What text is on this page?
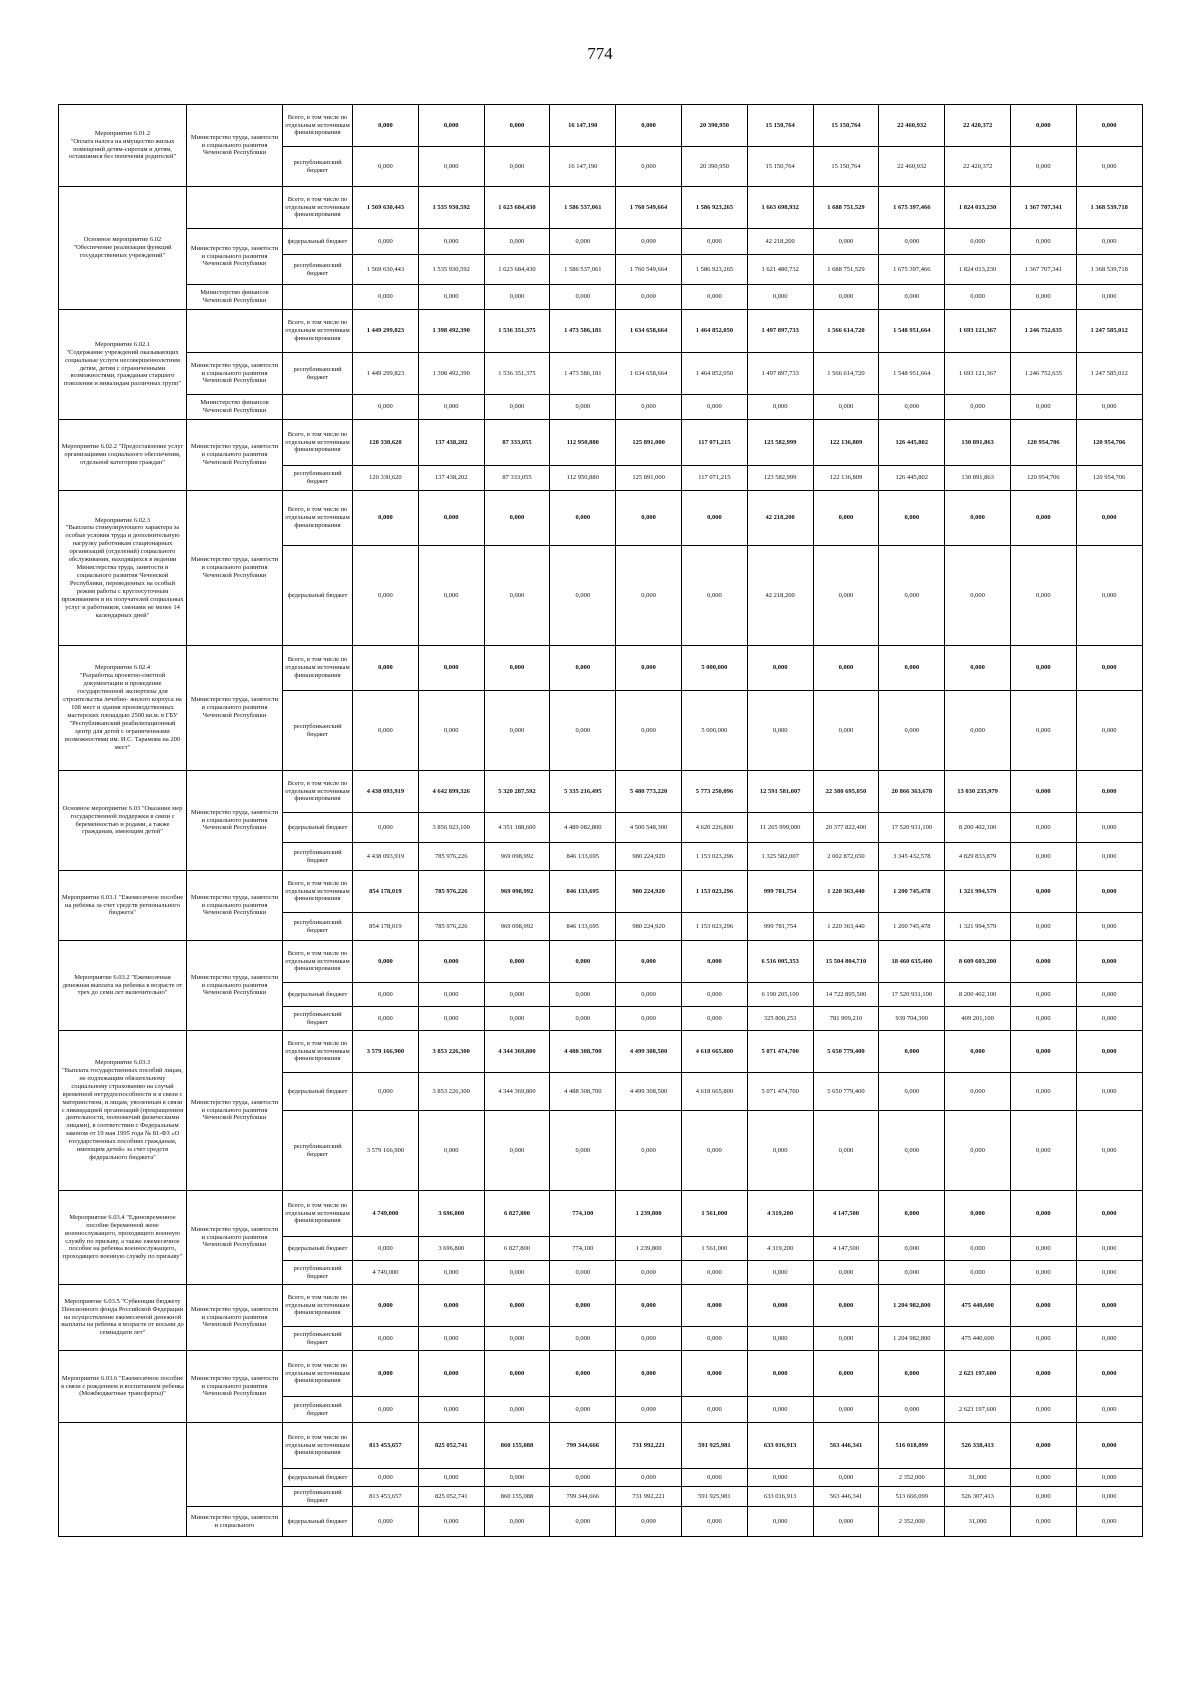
774
Мероприятие 6.01.2
"Оплата налога на имущество жилых помещений детям-сиротам и детям, оставшимся без попечения родителей"	Министерство труда, занятости и социального развития Чеченской Республики	Всего, в том числе по отдельным источникам финансирования	0,000	0,000	0,000	16 147,190	0,000	20 390,950	15 150,764	15 150,764	22 460,932	22 420,372	0,000	0,000
		республиканский бюджет	0,000	0,000	0,000	16 147,190	0,000	20 390,950	15 150,764	15 150,764	22 460,932	22 420,372	0,000	0,000
Основное мероприятие 6.02
"Обеспечение реализации функций государственных учреждений"		Всего, в том числе по отдельным источникам финансирования	1 569 630,443	1 535 930,592	1 623 684,430	1 586 537,061	1 760 549,664	1 586 923,265	1 663 698,932	1 688 751,529	1 675 397,466	1 824 013,230	1 367 707,341	1 368 539,718
	Министерство труда, занятости и социального развития Чеченской Республики	федеральный бюджет	0,000	0,000	0,000	0,000	0,000	0,000	42 218,200	0,000	0,000	0,000	0,000	0,000
		республиканский бюджет	1 569 630,443	1 535 930,592	1 623 684,430	1 586 537,061	1 760 549,664	1 586 923,265	1 621 480,732	1 688 751,529	1 675 397,466	1 824 013,230	1 367 707,341	1 368 539,718
	Министерство финансов Чеченской Республики		0,000	0,000	0,000	0,000	0,000	0,000	0,000	0,000	0,000	0,000	0,000	0,000
Мероприятие 6.02.1
"Содержание учреждений оказывающих социальные услуги несовершеннолетним детям, детям с ограниченными возможностями, гражданам старшего поколения и инвалидам различных групп"		Всего, в том числе по отдельным источникам финансирования	1 449 299,823	1 398 492,390	1 536 351,375	1 473 586,181	1 634 658,664	1 464 852,050	1 497 897,733	1 566 614,720	1 548 951,664	1 693 121,367	1 246 752,635	1 247 585,012
	Министерство труда, занятости и социального развития Чеченской Республики	республиканский бюджет	1 449 299,823	1 398 492,390	1 536 351,375	1 473 586,181	1 634 658,664	1 464 852,050	1 497 897,733	1 566 614,720	1 548 951,664	1 693 121,367	1 246 752,635	1 247 585,012
	Министерство финансов Чеченской Республики		0,000	0,000	0,000	0,000	0,000	0,000	0,000	0,000	0,000	0,000	0,000	0,000
Мероприятие 6.02.2 "Предоставление услуг организациями социального обеспечения, отдельной категории граждан"	Министерство труда, занятости и социального развития Чеченской Республики	Всего, в том числе по отдельным источникам финансирования	120 330,620	137 438,202	87 333,055	112 950,880	125 891,000	117 071,215	123 582,999	122 136,809	126 445,802	130 891,863	120 954,706	120 954,706
		республиканский бюджет	120 330,620	137 438,202	87 333,055	112 950,880	125 891,000	117 071,215	123 582,999	122 136,809	126 445,802	130 891,863	120 954,706	120 954,706
Мероприятие 6.02.3
"Выплаты стимулирующего характера за особые условия труда и дополнительную нагрузку работникам стационарных организаций (отделений) социального обслуживания, находящихся в ведении Министерства труда, занятости и социального развития Чеченской Республики, переведенных на особый режим работы с круглосуточным проживанием и их получателей социальных услуг и работников, сменами не менее 14 календарных дней"	Министерство труда, занятости и социального развития Чеченской Республики	Всего, в том числе по отдельным источникам финансирования	0,000	0,000	0,000	0,000	0,000	0,000	42 218,200	0,000	0,000	0,000	0,000	0,000
		федеральный бюджет	0,000	0,000	0,000	0,000	0,000	0,000	42 218,200	0,000	0,000	0,000	0,000	0,000
Мероприятие 6.02.4
"Разработка проектно-сметной документации и проведение государственной экспертизы для строительства лечебно- жилого корпуса на 108 мест и здания производственных мастерских площадью 2500 кв.м. в ГБУ "Республиканский реабилитационный центр для детей с ограниченными возможностями им. И.С. Тарамова на 200 мест"	Министерство труда, занятости и социального развития Чеченской Республики	Всего, в том числе по отдельным источникам финансирования	0,000	0,000	0,000	0,000	0,000	5 000,000	0,000	0,000	0,000	0,000	0,000	0,000
		республиканский бюджет	0,000	0,000	0,000	0,000	0,000	5 000,000	0,000	0,000	0,000	0,000	0,000	0,000
Основное мероприятие 6.03 "Оказание мер государственной поддержки в связи с беременностью и родами, а также гражданам, имеющим детей"	Министерство труда, занятости и социального развития Чеченской Республики	Всего, в том числе по отдельным источникам финансирования	4 438 093,919	4 642 899,326	5 320 287,592	5 335 216,495	5 480 773,220	5 773 250,096	12 591 581,007	22 380 695,050	20 866 363,678	13 030 235,979	0,000	0,000
		федеральный бюджет	0,000	3 856 923,100	4 351 188,600	4 489 082,800	4 500 548,300	4 620 226,800	11 265 999,000	20 377 822,400	17 520 931,100	8 200 402,100	0,000	0,000
		республиканский бюджет	4 438 093,919	785 976,226	969 098,992	846 133,695	980 224,920	1 153 023,296	1 325 582,007	2 002 872,650	3 345 432,578	4 829 833,879	0,000	0,000
Мероприятие 6.03.1 "Ежемесячное пособие на ребенка за счет средств регионального бюджета"	Министерство труда, занятости и социального развития Чеченской Республики	Всего, в том числе по отдельным источникам финансирования	854 178,019	785 976,226	969 098,992	846 133,695	980 224,920	1 153 023,296	999 781,754	1 220 363,440	1 200 745,478	1 321 994,579	0,000	0,000
		республиканский бюджет	854 178,019	785 976,226	969 098,992	846 133,695	980 224,920	1 153 023,296	999 781,754	1 220 363,440	1 200 745,478	1 321 994,579	0,000	0,000
Мероприятие 6.03.2 "Ежемесячная денежная выплата на ребенка в возрасте от трех до семи лет включительно"	Министерство труда, занятости и социального развития Чеченской Республики	Всего, в том числе по отдельным источникам финансирования	0,000	0,000	0,000	0,000	0,000	0,000	6 516 005,353	15 504 804,710	18 460 635,400	8 609 603,200	0,000	0,000
		федеральный бюджет	0,000	0,000	0,000	0,000	0,000	0,000	6 190 205,100	14 722 895,500	17 520 931,100	8 200 402,100	0,000	0,000
		республиканский бюджет	0,000	0,000	0,000	0,000	0,000	0,000	325 800,253	781 909,210	939 704,300	409 201,100	0,000	0,000
Мероприятие 6.03.3
"Выплата государственных пособий лицам, не подлежащим обязательному социальному страхованию на случай временной нетрудоспособности и в связи с материнством, и лицам, уволенным в связи с ликвидацией организаций (прекращением деятельности, полномочий физическими лицами), в соответствии с Федеральным законом от 19 мая 1995 года № 81-ФЗ «О государственных пособиях гражданам, имеющим детей» за счет средств федерального бюджета"	Министерство труда, занятости и социального развития Чеченской Республики	Всего, в том числе по отдельным источникам финансирования	3 579 166,900	3 853 226,300	4 344 369,800	4 488 308,700	4 499 308,500	4 618 665,800	5 071 474,700	5 650 779,400	0,000	0,000	0,000	0,000
		федеральный бюджет	0,000	3 853 226,300	4 344 369,800	4 488 308,700	4 499 308,500	4 618 665,800	5 071 474,700	5 650 779,400	0,000	0,000	0,000	0,000
		республиканский бюджет	3 579 166,900	0,000	0,000	0,000	0,000	0,000	0,000	0,000	0,000	0,000	0,000	0,000
Мероприятие 6.03.4 "Единовременное пособие беременной жене военнослужащего, проходящего военную службу по призыву, а также ежемесячное пособие на ребенка военнослужащего, проходящего военную службу по призыву"	Министерство труда, занятости и социального развития Чеченской Республики	Всего, в том числе по отдельным источникам финансирования	4 749,000	3 696,800	6 827,800	774,100	1 239,800	1 561,000	4 319,200	4 147,500	0,000	0,000	0,000	0,000
		федеральный бюджет	0,000	3 696,800	6 827,800	774,100	1 239,800	1 561,000	4 319,200	4 147,500	0,000	0,000	0,000	0,000
		республиканский бюджет	4 749,000	0,000	0,000	0,000	0,000	0,000	0,000	0,000	0,000	0,000	0,000	0,000
Мероприятие 6.03.5 "Субвенции бюджету Пенсионного фонда Российской Федерации на осуществление ежемесячной денежной выплаты на ребенка в возрасте от восьми до семнадцати лет"	Министерство труда, занятости и социального развития Чеченской Республики	Всего, в том числе по отдельным источникам финансирования	0,000	0,000	0,000	0,000	0,000	0,000	0,000	0,000	1 204 982,800	475 440,600	0,000	0,000
		республиканский бюджет	0,000	0,000	0,000	0,000	0,000	0,000	0,000	0,000	1 204 982,800	475 440,600	0,000	0,000
Мероприятие 6.03.6 "Ежемесячное пособие в связи с рождением и воспитанием ребенка (Межбюджетные трансферты)"	Министерство труда, занятости и социального развития Чеченской Республики	Всего, в том числе по отдельным источникам финансирования	0,000	0,000	0,000	0,000	0,000	0,000	0,000	0,000	0,000	2 623 197,600	0,000	0,000
		республиканский бюджет	0,000	0,000	0,000	0,000	0,000	0,000	0,000	0,000	0,000	2 623 197,600	0,000	0,000
		Всего, в том числе по отдельным источникам финансирования	813 453,657	825 052,741	860 155,088	799 344,666	731 992,221	591 925,981	633 016,913	563 446,341	516 018,099	526 338,413	0,000	0,000
		федеральный бюджет	0,000	0,000	0,000	0,000	0,000	0,000	0,000	0,000	2 352,000	31,000	0,000	0,000
		республиканский бюджет	813 453,657	825 052,741	860 155,088	799 344,666	731 992,221	591 925,981	633 016,913	563 446,341	513 666,099	526 307,413	0,000	0,000
	Министерство труда, занятости и социального	федеральный бюджет	0,000	0,000	0,000	0,000	0,000	0,000	0,000	0,000	2 352,000	31,000	0,000	0,000
